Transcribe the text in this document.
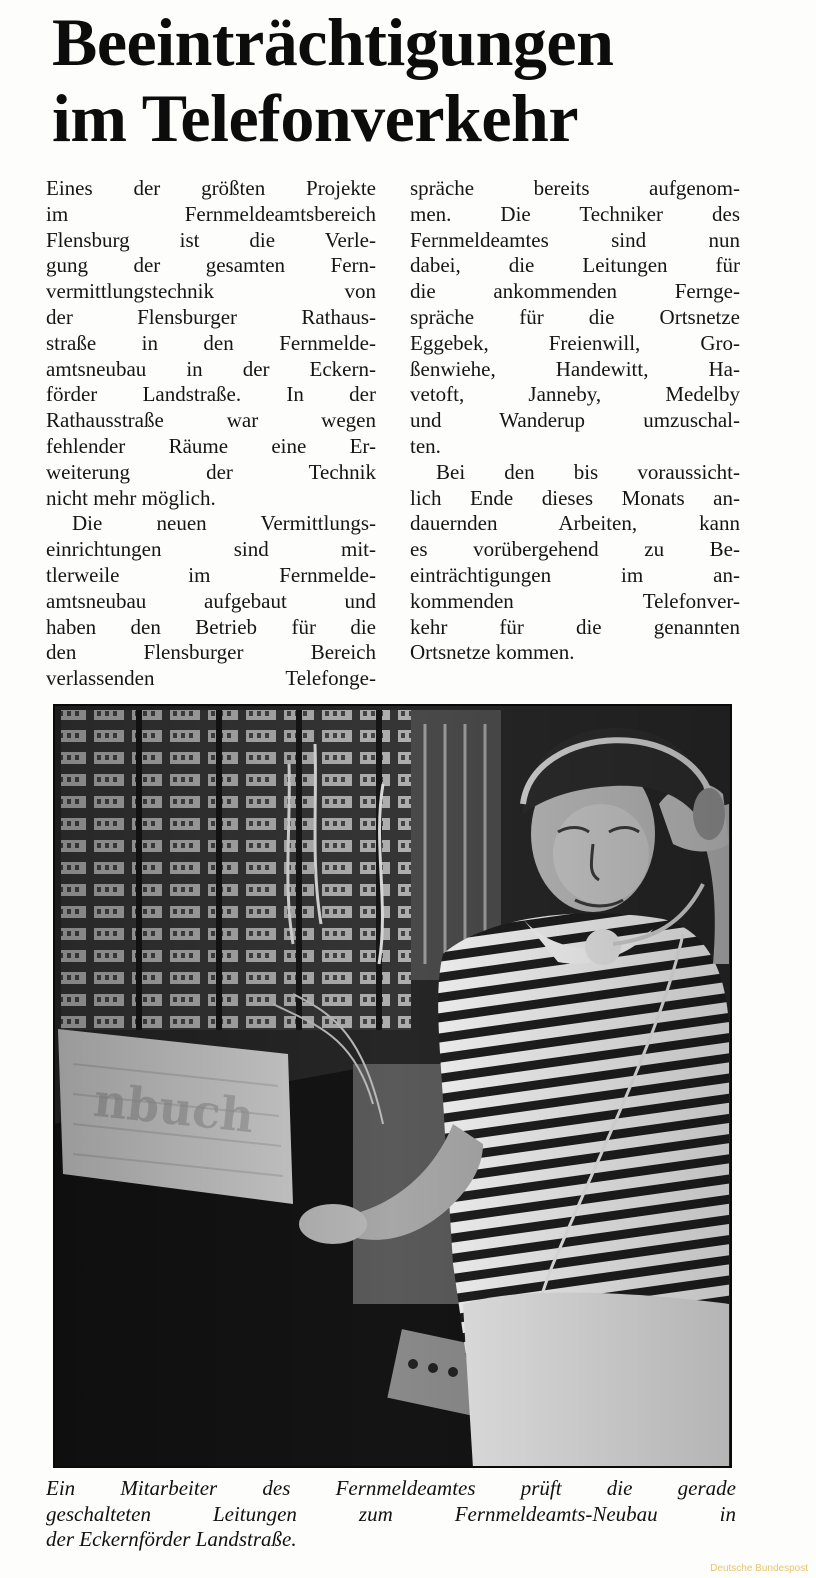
Beeinträchtigungen
im Telefonverkehr
Eines der größten Projekte
im Fernmeldeamtsbereich
Flensburg ist die Verle-
gung der gesamten Fern-
vermittlungstechnik von
der Flensburger Rathaus-
straße in den Fernmelde-
amtsneubau in der Eckern-
förder Landstraße. In der
Rathausstraße war wegen
fehlender Räume eine Er-
weiterung der Technik
nicht mehr möglich.
Die neuen Vermittlungs-
einrichtungen sind mit-
tlerweile im Fernmelde-
amtsneubau aufgebaut und
haben den Betrieb für die
den Flensburger Bereich
verlassenden Telefonge-
spräche bereits aufgenom-
men. Die Techniker des
Fernmeldeamtes sind nun
dabei, die Leitungen für
die ankommenden Fernge-
spräche für die Ortsnetze
Eggebek, Freienwill, Gro-
ßenwiehe, Handewitt, Ha-
vetoft, Janneby, Medelby
und Wanderup umzuschal-
ten.
Bei den bis voraussicht-
lich Ende dieses Monats an-
dauernden Arbeiten, kann
es vorübergehend zu Be-
einträchtigungen im an-
kommenden Telefonver-
kehr für die genannten
Ortsnetze kommen.
Ein Mitarbeiter des Fernmeldeamtes prüft die gerade
geschalteten Leitungen zum Fernmeldeamts-Neubau in
der Eckernförder Landstraße.
Deutsche Bundespost
